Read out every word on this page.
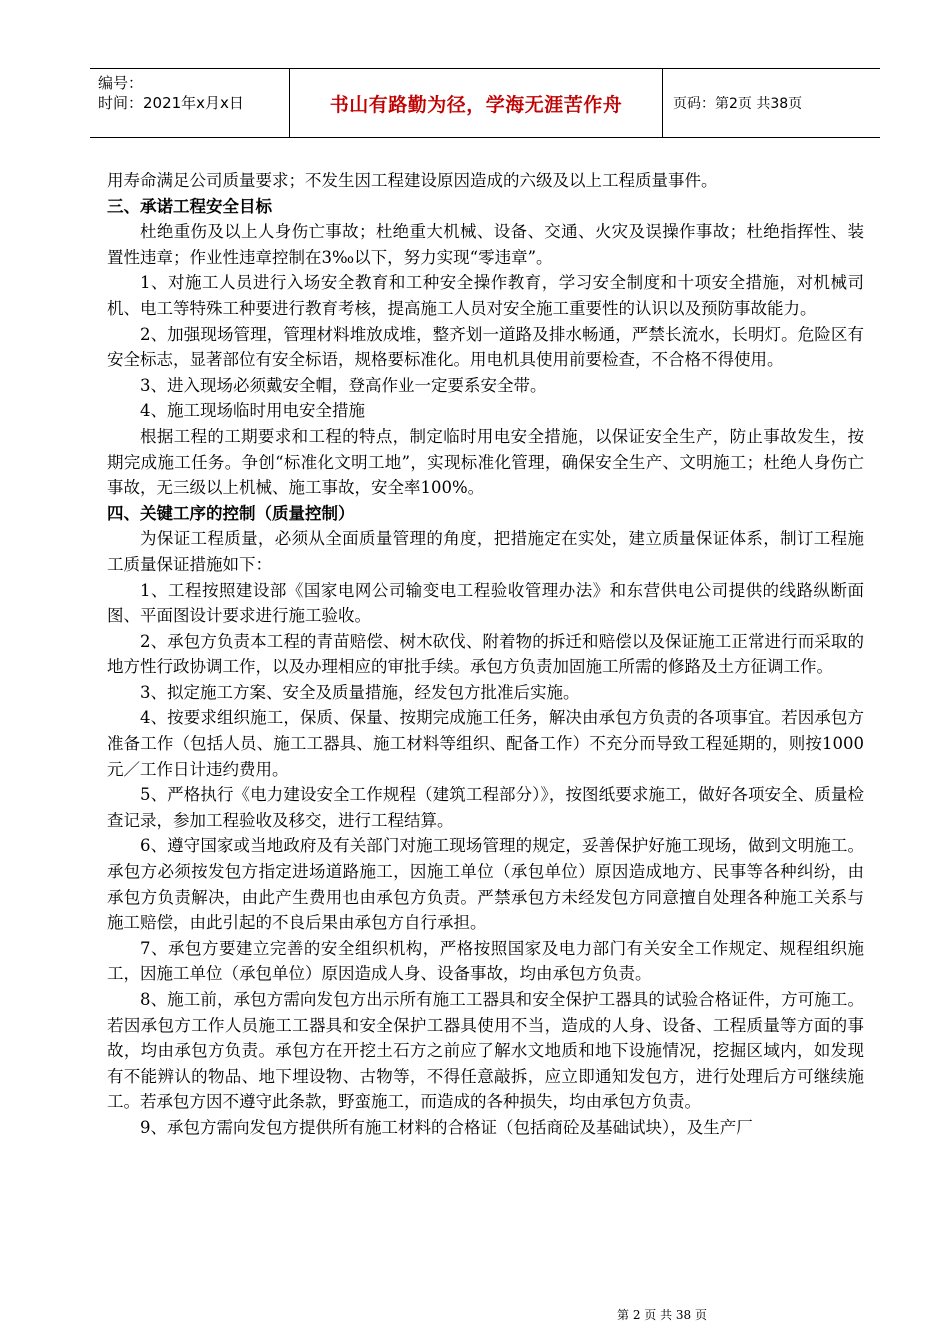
编号：
时间：2021年x月x日	书山有路勤为径，学海无涯苦作舟	页码：第2页 共38页

用寿命满足公司质量要求；不发生因工程建设原因造成的六级及以上工程质量事件。

三、承诺工程安全目标

杜绝重伤及以上人身伤亡事故；杜绝重大机械、设备、交通、火灾及误操作事故；杜绝指挥性、装置性违章；作业性违章控制在3‰以下，努力实现“零违章”。

1、对施工人员进行入场安全教育和工种安全操作教育，学习安全制度和十项安全措施，对机械司机、电工等特殊工种要进行教育考核，提高施工人员对安全施工重要性的认识以及预防事故能力。

2、加强现场管理，管理材料堆放成堆，整齐划一道路及排水畅通，严禁长流水，长明灯。危险区有安全标志，显著部位有安全标语，规格要标准化。用电机具使用前要检查，不合格不得使用。

3、进入现场必须戴安全帽，登高作业一定要系安全带。

4、施工现场临时用电安全措施

根据工程的工期要求和工程的特点，制定临时用电安全措施，以保证安全生产，防止事故发生，按期完成施工任务。争创“标准化文明工地”，实现标准化管理，确保安全生产、文明施工；杜绝人身伤亡事故，无三级以上机械、施工事故，安全率100%。

四、关键工序的控制（质量控制）

为保证工程质量，必须从全面质量管理的角度，把措施定在实处，建立质量保证体系，制订工程施工质量保证措施如下：

1、工程按照建设部《国家电网公司输变电工程验收管理办法》和东营供电公司提供的线路纵断面图、平面图设计要求进行施工验收。

2、承包方负责本工程的青苗赔偿、树木砍伐、附着物的拆迁和赔偿以及保证施工正常进行而采取的地方性行政协调工作，以及办理相应的审批手续。承包方负责加固施工所需的修路及土方征调工作。

3、拟定施工方案、安全及质量措施，经发包方批准后实施。

4、按要求组织施工，保质、保量、按期完成施工任务，解决由承包方负责的各项事宜。若因承包方准备工作（包括人员、施工工器具、施工材料等组织、配备工作）不充分而导致工程延期的，则按1000元／工作日计违约费用。

5、严格执行《电力建设安全工作规程（建筑工程部分）》，按图纸要求施工，做好各项安全、质量检查记录，参加工程验收及移交，进行工程结算。

6、遵守国家或当地政府及有关部门对施工现场管理的规定，妥善保护好施工现场，做到文明施工。承包方必须按发包方指定进场道路施工，因施工单位（承包单位）原因造成地方、民事等各种纠纷，由承包方负责解决，由此产生费用也由承包方负责。严禁承包方未经发包方同意擅自处理各种施工关系与施工赔偿，由此引起的不良后果由承包方自行承担。

7、承包方要建立完善的安全组织机构，严格按照国家及电力部门有关安全工作规定、规程组织施工，因施工单位（承包单位）原因造成人身、设备事故，均由承包方负责。

8、施工前，承包方需向发包方出示所有施工工器具和安全保护工器具的试验合格证件，方可施工。若因承包方工作人员施工工器具和安全保护工器具使用不当，造成的人身、设备、工程质量等方面的事故，均由承包方负责。承包方在开挖土石方之前应了解水文地质和地下设施情况，挖掘区域内，如发现有不能辨认的物品、地下埋设物、古物等，不得任意敲拆，应立即通知发包方，进行处理后方可继续施工。若承包方因不遵守此条款，野蛮施工，而造成的各种损失，均由承包方负责。

9、承包方需向发包方提供所有施工材料的合格证（包括商砼及基础试块），及生产厂

第 2 页 共 38 页
